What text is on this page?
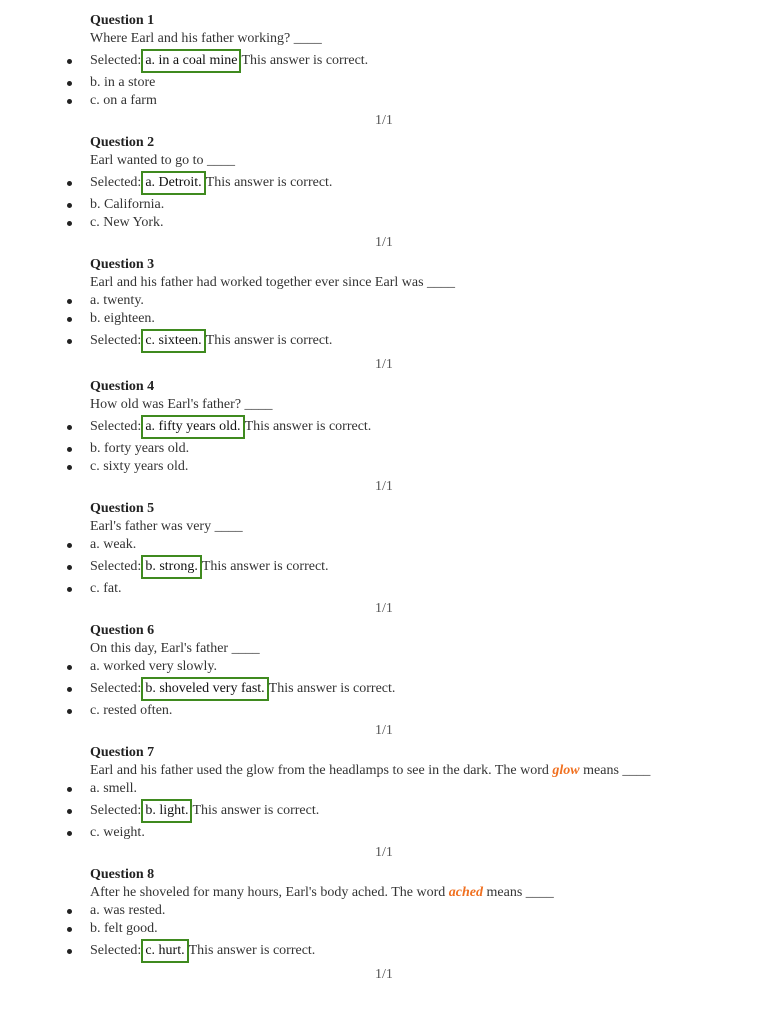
Question 1
Where Earl and his father working? ____
Selected: a. in a coal mine This answer is correct.
b. in a store
c. on a farm
1/1
Question 2
Earl wanted to go to ____
Selected: a. Detroit. This answer is correct.
b. California.
c. New York.
1/1
Question 3
Earl and his father had worked together ever since Earl was ____
a. twenty.
b. eighteen.
Selected: c. sixteen. This answer is correct.
1/1
Question 4
How old was Earl's father? ____
Selected: a. fifty years old. This answer is correct.
b. forty years old.
c. sixty years old.
1/1
Question 5
Earl's father was very ____
a. weak.
Selected: b. strong. This answer is correct.
c. fat.
1/1
Question 6
On this day, Earl's father ____
a. worked very slowly.
Selected: b. shoveled very fast. This answer is correct.
c. rested often.
1/1
Question 7
Earl and his father used the glow from the headlamps to see in the dark. The word glow means ____
a. smell.
Selected: b. light. This answer is correct.
c. weight.
1/1
Question 8
After he shoveled for many hours, Earl's body ached. The word ached means ____
a. was rested.
b. felt good.
Selected: c. hurt. This answer is correct.
1/1
